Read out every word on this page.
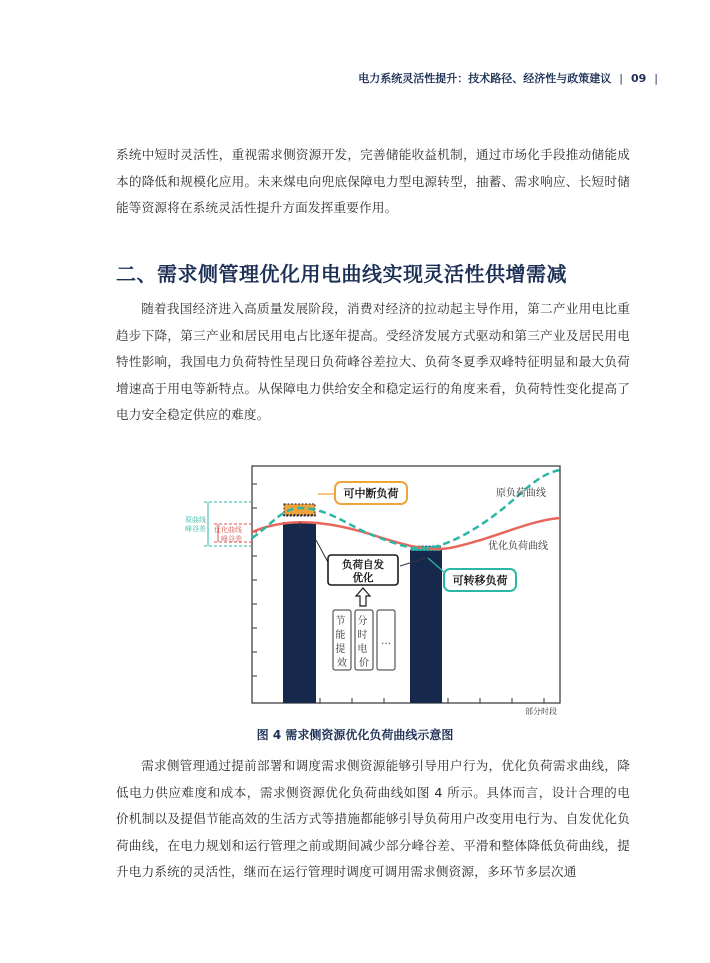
电力系统灵活性提升：技术路径、经济性与政策建议 | 09 |

系统中短时灵活性，重视需求侧资源开发，完善储能收益机制，通过市场化手段推动储能成本的降低和规模化应用。未来煤电向兜底保障电力型电源转型，抽蓄、需求响应、长短时储能等资源将在系统灵活性提升方面发挥重要作用。

二、需求侧管理优化用电曲线实现灵活性供增需减

随着我国经济进入高质量发展阶段，消费对经济的拉动起主导作用，第二产业用电比重趋步下降，第三产业和居民用电占比逐年提高。受经济发展方式驱动和第三产业及居民用电特性影响，我国电力负荷特性呈现日负荷峰谷差拉大、负荷冬夏季双峰特征明显和最大负荷增速高于用电等新特点。从保障电力供给安全和稳定运行的角度来看，负荷特性变化提高了电力安全稳定供应的难度。

可中断负荷	原负荷曲线
优化负荷曲线
负荷自发
优化	可转移负荷
节 能 提 效
分 时 电 价
…
原曲线
峰谷差 优化曲线
峰谷差
部分时段

图 4 需求侧资源优化负荷曲线示意图

需求侧管理通过提前部署和调度需求侧资源能够引导用户行为，优化负荷需求曲线，降低电力供应难度和成本，需求侧资源优化负荷曲线如图 4 所示。具体而言，设计合理的电价机制以及提倡节能高效的生活方式等措施都能够引导负荷用户改变用电行为、自发优化负荷曲线，在电力规划和运行管理之前或期间减少部分峰谷差、平滑和整体降低负荷曲线，提升电力系统的灵活性，继而在运行管理时调度可调用需求侧资源，多环节多层次通
